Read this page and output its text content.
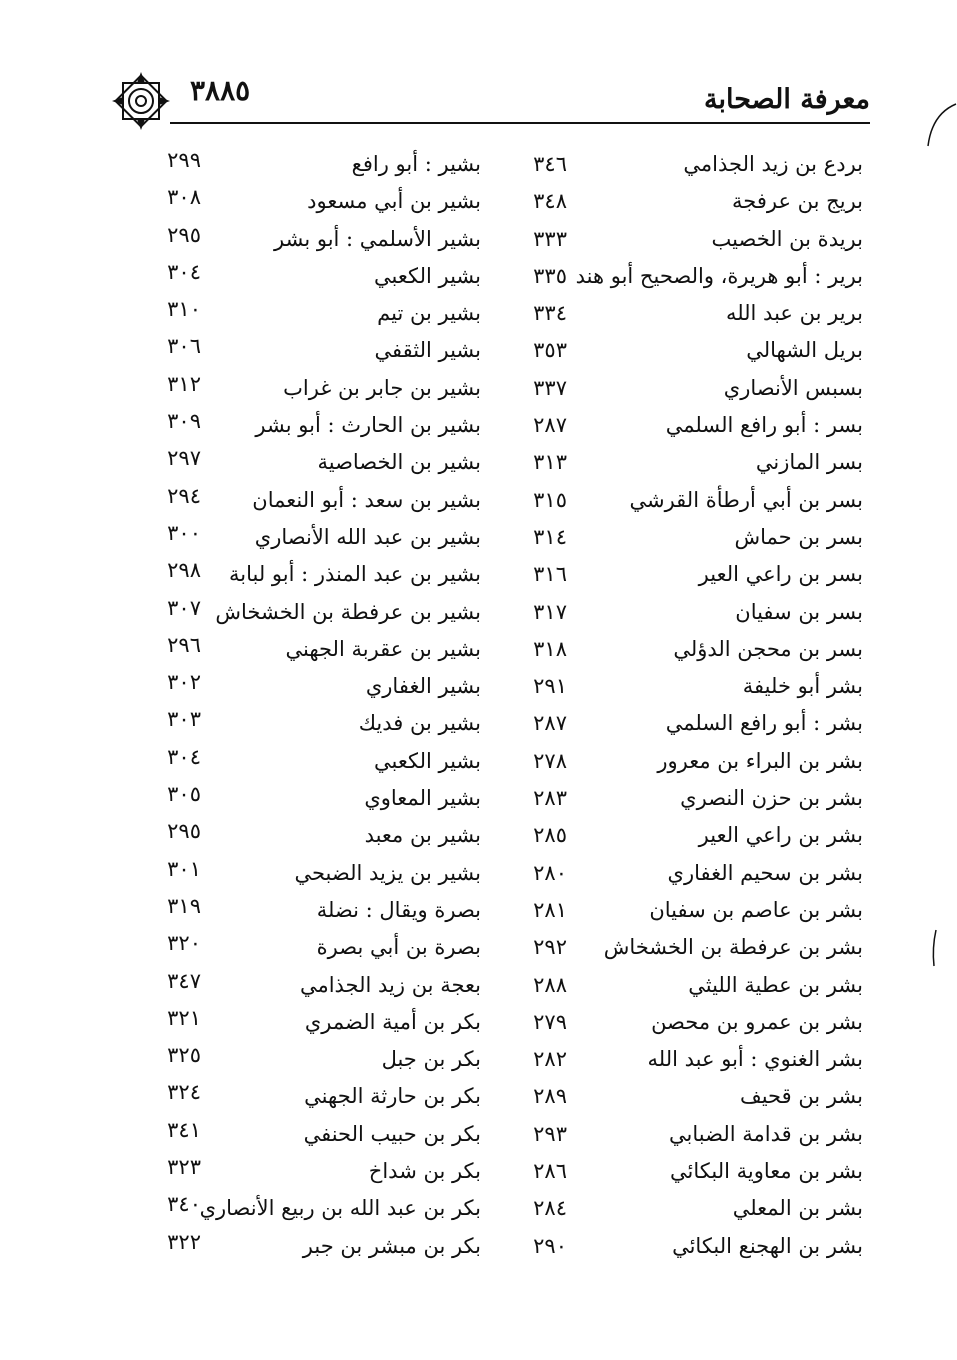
٣٨٨٥	معرفة الصحابة
بردع بن زيد الجذامي
٣٤٦
بشير : أبو رافع
٢٩٩
بريج بن عرفجة
٣٤٨
بشير بن أبي مسعود
٣٠٨
بريدة بن الخصيب
٣٣٣
بشير الأسلمي : أبو بشر
٢٩٥
برير : أبو هريرة، والصحيح أبو هند
٣٣٥
بشير الكعبي
٣٠٤
برير بن عبد الله
٣٣٤
بشير بن تيم
٣١٠
بريل الشهالي
٣٥٣
بشير الثقفي
٣٠٦
بسبس الأنصاري
٣٣٧
بشير بن جابر بن غراب
٣١٢
بسر : أبو رافع السلمي
٢٨٧
بشير بن الحارث : أبو بشر
٣٠٩
بسر المازني
٣١٣
بشير بن الخصاصية
٢٩٧
بسر بن أبي أرطأة القرشي
٣١٥
بشير بن سعد : أبو النعمان
٢٩٤
بسر بن حماش
٣١٤
بشير بن عبد الله الأنصاري
٣٠٠
بسر بن راعي العير
٣١٦
بشير بن عبد المنذر : أبو لبابة
٢٩٨
بسر بن سفيان
٣١٧
بشير بن عرفطة بن الخشخاش
٣٠٧
بسر بن محجن الدؤلي
٣١٨
بشير بن عقربة الجهني
٢٩٦
بشر أبو خليفة
٢٩١
بشير الغفاري
٣٠٢
بشر : أبو رافع السلمي
٢٨٧
بشير بن فديك
٣٠٣
بشر بن البراء بن معرور
٢٧٨
بشير الكعبي
٣٠٤
بشر بن حزن النصري
٢٨٣
بشير المعاوي
٣٠٥
بشر بن راعي العير
٢٨٥
بشير بن معبد
٢٩٥
بشر بن سحيم الغفاري
٢٨٠
بشير بن يزيد الضبحي
٣٠١
بشر بن عاصم بن سفيان
٢٨١
بصرة ويقال : نضلة
٣١٩
بشر بن عرفطة بن الخشخاش
٢٩٢
بصرة بن أبي بصرة
٣٢٠
بشر بن عطية الليثي
٢٨٨
بعجة بن زيد الجذامي
٣٤٧
بشر بن عمرو بن محصن
٢٧٩
بكر بن أمية الضمري
٣٢١
بشر الغنوي : أبو عبد الله
٢٨٢
بكر بن جبل
٣٢٥
بشر بن قحيف
٢٨٩
بكر بن حارثة الجهني
٣٢٤
بشر بن قدامة الضبابي
٢٩٣
بكر بن حبيب الحنفي
٣٤١
بشر بن معاوية البكائي
٢٨٦
بكر بن شداخ
٣٢٣
بشر بن المعلي
٢٨٤
بكر بن عبد الله بن ربيع الأنصاري
٣٤٠
بشر بن الهجنع البكائي
٢٩٠
بكر بن مبشر بن جبر
٣٢٢
